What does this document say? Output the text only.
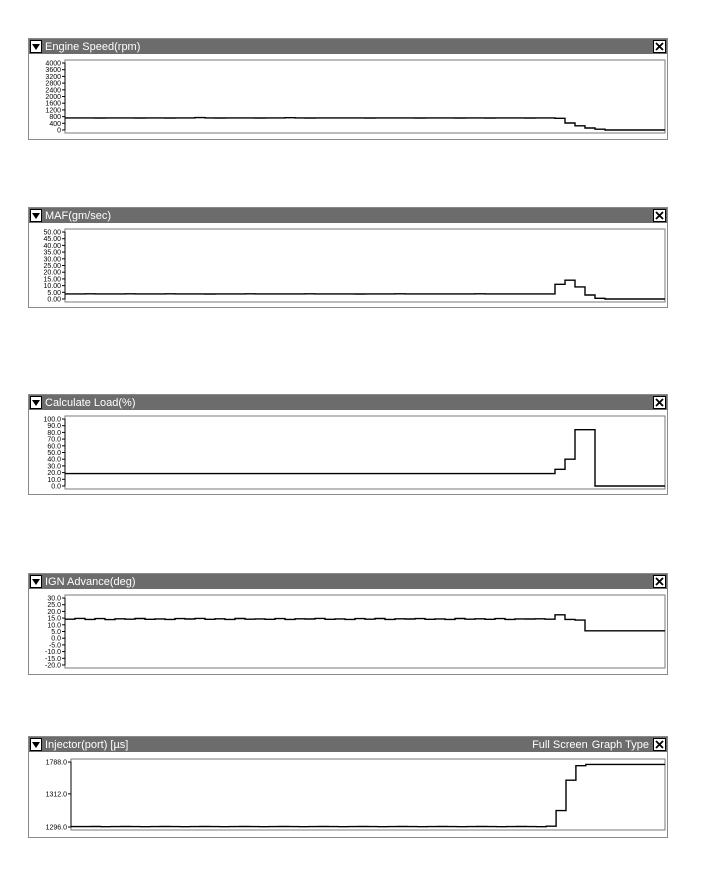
Engine Speed(rpm)
4000
3600
3200
2800
2400
2000
1600
1200
800
400
0
MAF(gm/sec)
50.00
45.00
40.00
35.00
30.00
25.00
20.00
15.00
10.00
5.00
0.00
Calculate Load(%)
100.0
90.0
80.0
70.0
60.0
50.0
40.0
30.0
20.0
10.0
0.0
IGN Advance(deg)
30.0
25.0
20.0
15.0
10.0
5.0
0.0
-5.0
-10.0
-15.0
-20.0
Injector(port) [µs]	Full Screen Graph Type
1788.0
1312.0
1296.0
